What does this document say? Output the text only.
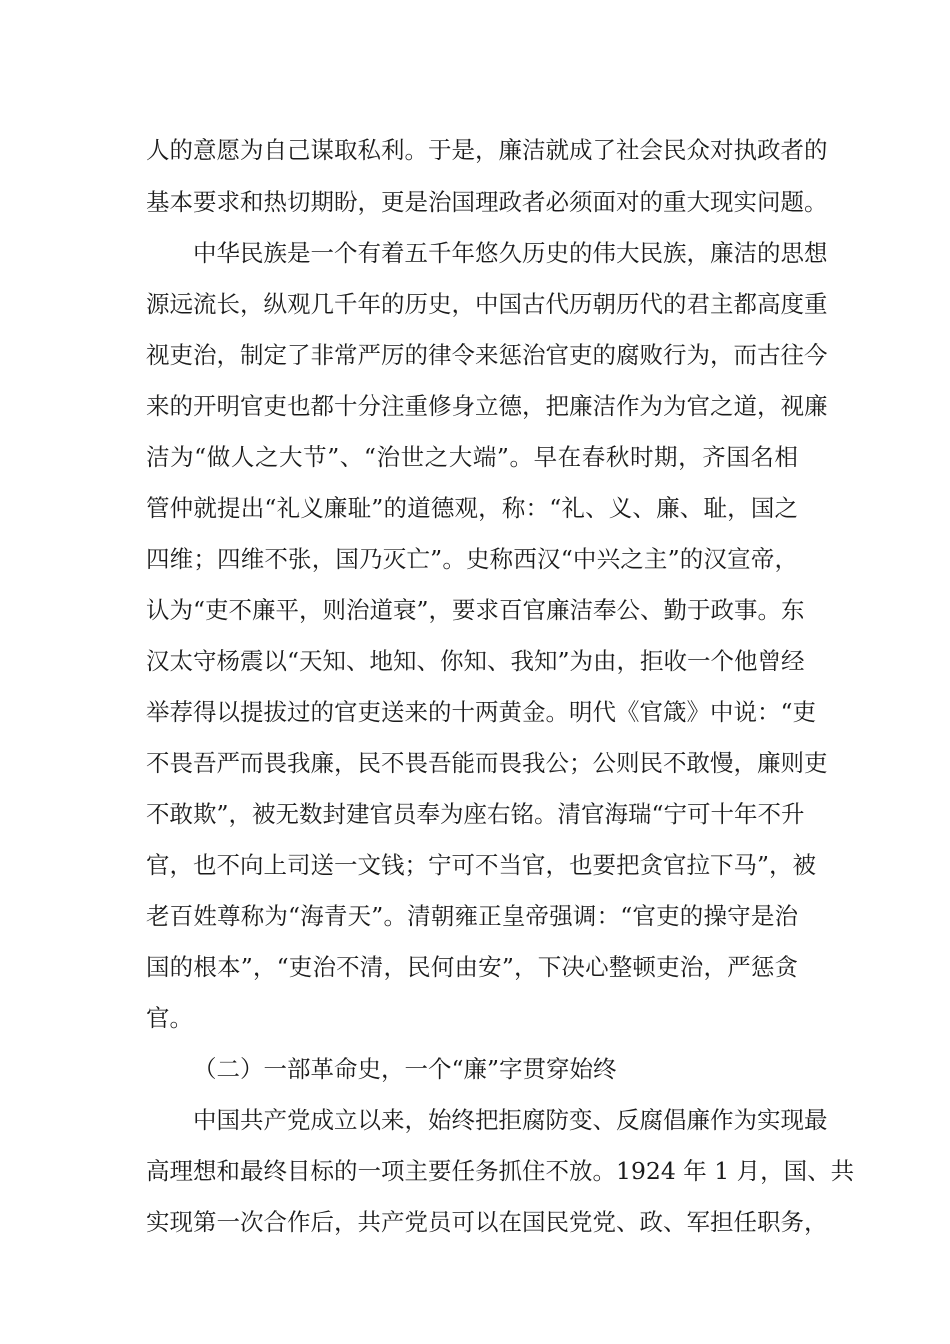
人的意愿为自己谋取私利。于是，廉洁就成了社会民众对执政者的
基本要求和热切期盼，更是治国理政者必须面对的重大现实问题。
中华民族是一个有着五千年悠久历史的伟大民族，廉洁的思想
源远流长，纵观几千年的历史，中国古代历朝历代的君主都高度重
视吏治，制定了非常严厉的律令来惩治官吏的腐败行为，而古往今
来的开明官吏也都十分注重修身立德，把廉洁作为为官之道，视廉
洁为“做人之大节”、“治世之大端”。早在春秋时期，齐国名相
管仲就提出“礼义廉耻”的道德观，称：“礼、义、廉、耻，国之
四维；四维不张，国乃灭亡”。史称西汉“中兴之主”的汉宣帝，
认为“吏不廉平，则治道衰”，要求百官廉洁奉公、勤于政事。东
汉太守杨震以“天知、地知、你知、我知”为由，拒收一个他曾经
举荐得以提拔过的官吏送来的十两黄金。明代《官箴》中说：“吏
不畏吾严而畏我廉，民不畏吾能而畏我公；公则民不敢慢，廉则吏
不敢欺”，被无数封建官员奉为座右铭。清官海瑞“宁可十年不升
官，也不向上司送一文钱；宁可不当官，也要把贪官拉下马”，被
老百姓尊称为“海青天”。清朝雍正皇帝强调：“官吏的操守是治
国的根本”，“吏治不清，民何由安”，下决心整顿吏治，严惩贪
官。
（二）一部革命史，一个“廉”字贯穿始终
中国共产党成立以来，始终把拒腐防变、反腐倡廉作为实现最
高理想和最终目标的一项主要任务抓住不放。1924 年 1 月，国、共
实现第一次合作后，共产党员可以在国民党党、政、军担任职务，
